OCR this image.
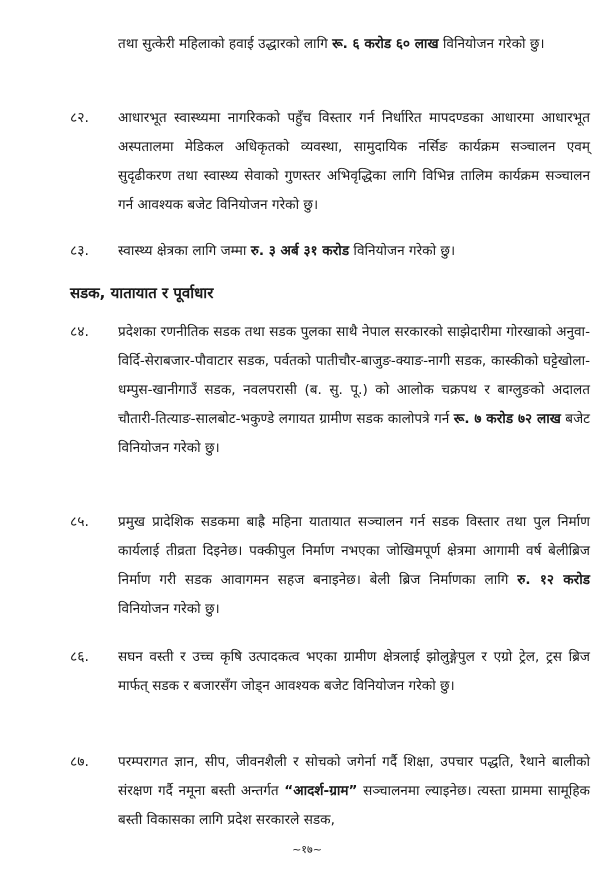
तथा सुत्केरी महिलाको हवाई उद्धारको लागि रू. ६ करोड ६० लाख विनियोजन गरेको छु।
८२.	आधारभूत स्वास्थ्यमा नागरिकको पहुँच विस्तार गर्न निर्धारित मापदण्डका आधारमा आधारभूत अस्पतालमा मेडिकल अधिकृतको व्यवस्था, सामुदायिक नर्सिङ कार्यक्रम सञ्चालन एवम् सुदृढीकरण तथा स्वास्थ्य सेवाको गुणस्तर अभिवृद्धिका लागि विभिन्न तालिम कार्यक्रम सञ्चालन गर्न आवश्यक बजेट विनियोजन गरेको छु।
८३.	स्वास्थ्य क्षेत्रका लागि जम्मा रु. ३ अर्ब ३१ करोड विनियोजन गरेको छु।
सडक, यातायात र पूर्वाधार
८४.	प्रदेशका रणनीतिक सडक तथा सडक पुलका साथै नेपाल सरकारको साझेदारीमा गोरखाको अनुवा-विर्दि-सेराबजार-पौवाटार सडक, पर्वतको पातीचौर-बाजुङ-क्याङ-नागी सडक, कास्कीको घट्टेखोला-धम्पुस-खानीगाउँ सडक, नवलपरासी (ब. सु. पू.) को आलोक चक्रपथ र बाग्लुङको अदालत चौतारी-तित्याङ-सालबोट-भकुण्डे लगायत ग्रामीण सडक कालोपत्रे गर्न रू. ७ करोड ७२ लाख बजेट विनियोजन गरेको छु।
८५.	प्रमुख प्रादेशिक सडकमा बाह्रै महिना यातायात सञ्चालन गर्न सडक विस्तार तथा पुल निर्माण कार्यलाई तीव्रता दिइनेछ। पक्कीपुल निर्माण नभएका जोखिमपूर्ण क्षेत्रमा आगामी वर्ष बेलीब्रिज निर्माण गरी सडक आवागमन सहज बनाइनेछ। बेली ब्रिज निर्माणका लागि रु. १२ करोड विनियोजन गरेको छु।
८६.	सघन वस्ती र उच्च कृषि उत्पादकत्व भएका ग्रामीण क्षेत्रलाई झोलुङ्गेपुल र एग्रो ट्रेल, ट्रस ब्रिज मार्फत् सडक र बजारसँग जोड्न आवश्यक बजेट विनियोजन गरेको छु।
८७.	परम्परागत ज्ञान, सीप, जीवनशैली र सोचको जगेर्ना गर्दै शिक्षा, उपचार पद्धति, रैथाने बालीको संरक्षण गर्दै नमूना बस्ती अन्तर्गत “आदर्श-ग्राम” सञ्चालनमा ल्याइनेछ। त्यस्ता ग्राममा सामूहिक बस्ती विकासका लागि प्रदेश सरकारले सडक,
~१७~
